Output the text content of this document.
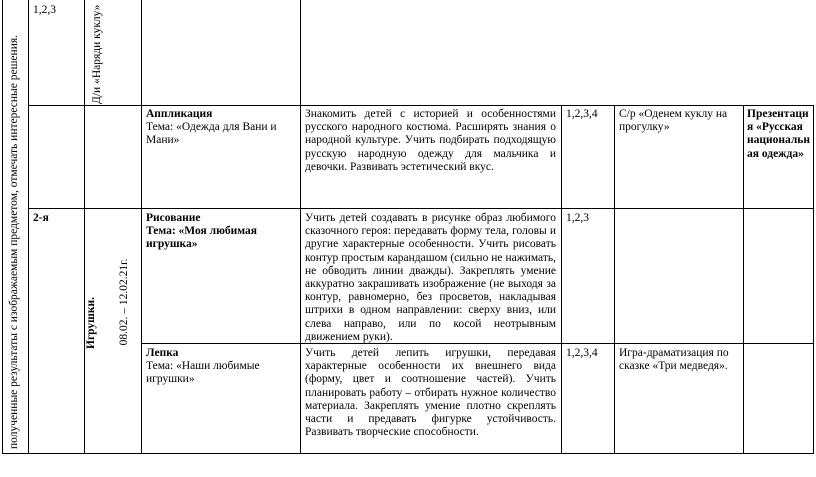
полученные результаты с изображаемым предметом, отмечать интересные решения.
1,2,3	Д/и «Наряди куклу»
Аппликация
Тема: «Одежда для Вани и Мани»
Знакомить детей с историей и особенностями русского народного костюма. Расширять знания о народной культуре. Учить подбирать подходящую русскую народную одежду для мальчика и девочки. Развивать эстетический вкус.
1,2,3,4 С/р «Оденем куклу на прогулку»
Презентация «Русская национальная одежда»
2-я
Игрушки. 08.02. – 12.02.21г.
Рисование
Тема: «Моя любимая игрушка»
Учить детей создавать в рисунке образ любимого сказочного героя: передавать форму тела, головы и другие характерные особенности. Учить рисовать контур простым карандашом (сильно не нажимать, не обводить линии дважды). Закреплять умение аккуратно закрашивать изображение (не выходя за контур, равномерно, без просветов, накладывая штрихи в одном направлении: сверху вниз, или слева направо, или по косой неотрывным движением руки).
1,2,3
Лепка
Тема: «Наши любимые игрушки»
Учить детей лепить игрушки, передавая характерные особенности их внешнего вида (форму, цвет и соотношение частей). Учить планировать работу – отбирать нужное количество материала. Закреплять умение плотно скреплять части и предавать фигурке устойчивость. Развивать творческие способности.
1,2,3,4 Игра-драматизация по сказке «Три медведя».
